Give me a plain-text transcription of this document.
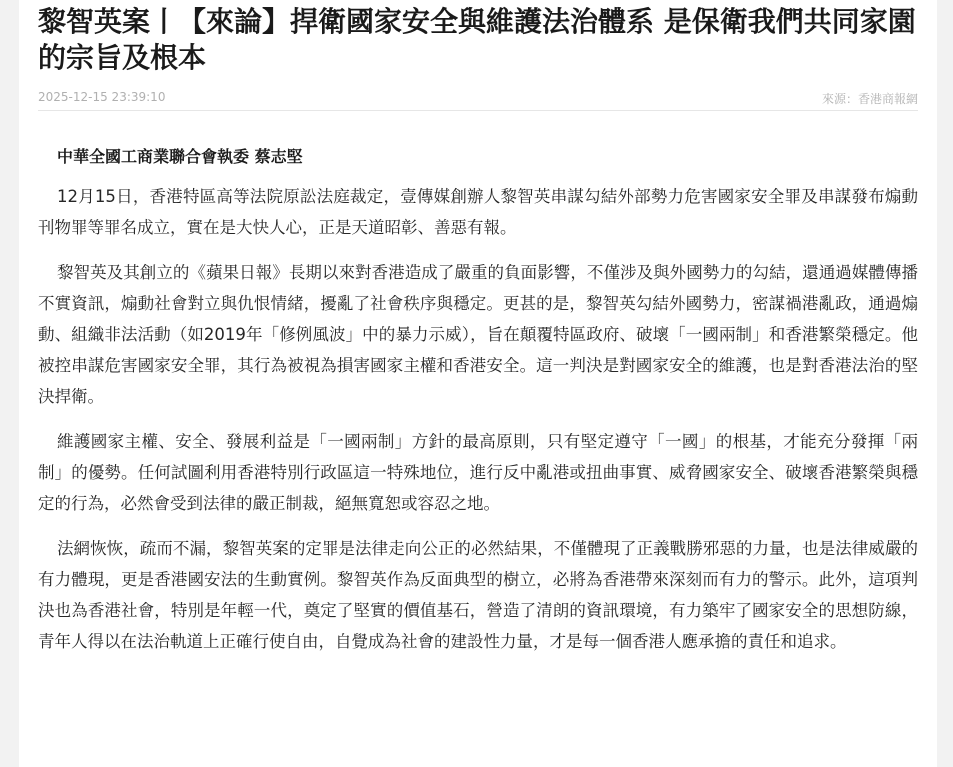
黎智英案丨【來論】捍衛國家安全與維護法治體系 是保衛我們共同家園的宗旨及根本
2025-12-15 23:39:10	來源：香港商報網

中華全國工商業聯合會執委 蔡志堅

12月15日，香港特區高等法院原訟法庭裁定，壹傳媒創辦人黎智英串謀勾結外部勢力危害國家安全罪及串謀發布煽動刊物罪等罪名成立，實在是大快人心，正是天道昭彰、善惡有報。

黎智英及其創立的《蘋果日報》長期以來對香港造成了嚴重的負面影響，不僅涉及與外國勢力的勾結，還通過媒體傳播不實資訊，煽動社會對立與仇恨情緒，擾亂了社會秩序與穩定。更甚的是，黎智英勾結外國勢力，密謀禍港亂政，通過煽動、組織非法活動（如2019年「修例風波」中的暴力示威），旨在顛覆特區政府、破壞「一國兩制」和香港繁榮穩定。他被控串謀危害國家安全罪，其行為被視為損害國家主權和香港安全。這一判決是對國家安全的維護，也是對香港法治的堅決捍衛。

維護國家主權、安全、發展利益是「一國兩制」方針的最高原則，只有堅定遵守「一國」的根基，才能充分發揮「兩制」的優勢。任何試圖利用香港特別行政區這一特殊地位，進行反中亂港或扭曲事實、威脅國家安全、破壞香港繁榮與穩定的行為，必然會受到法律的嚴正制裁，絕無寬恕或容忍之地。

法網恢恢，疏而不漏，黎智英案的定罪是法律走向公正的必然結果，不僅體現了正義戰勝邪惡的力量，也是法律威嚴的有力體現，更是香港國安法的生動實例。黎智英作為反面典型的樹立，必將為香港帶來深刻而有力的警示。此外，這項判決也為香港社會，特別是年輕一代，奠定了堅實的價值基石，營造了清朗的資訊環境，有力築牢了國家安全的思想防線，青年人得以在法治軌道上正確行使自由，自覺成為社會的建設性力量，才是每一個香港人應承擔的責任和追求。
